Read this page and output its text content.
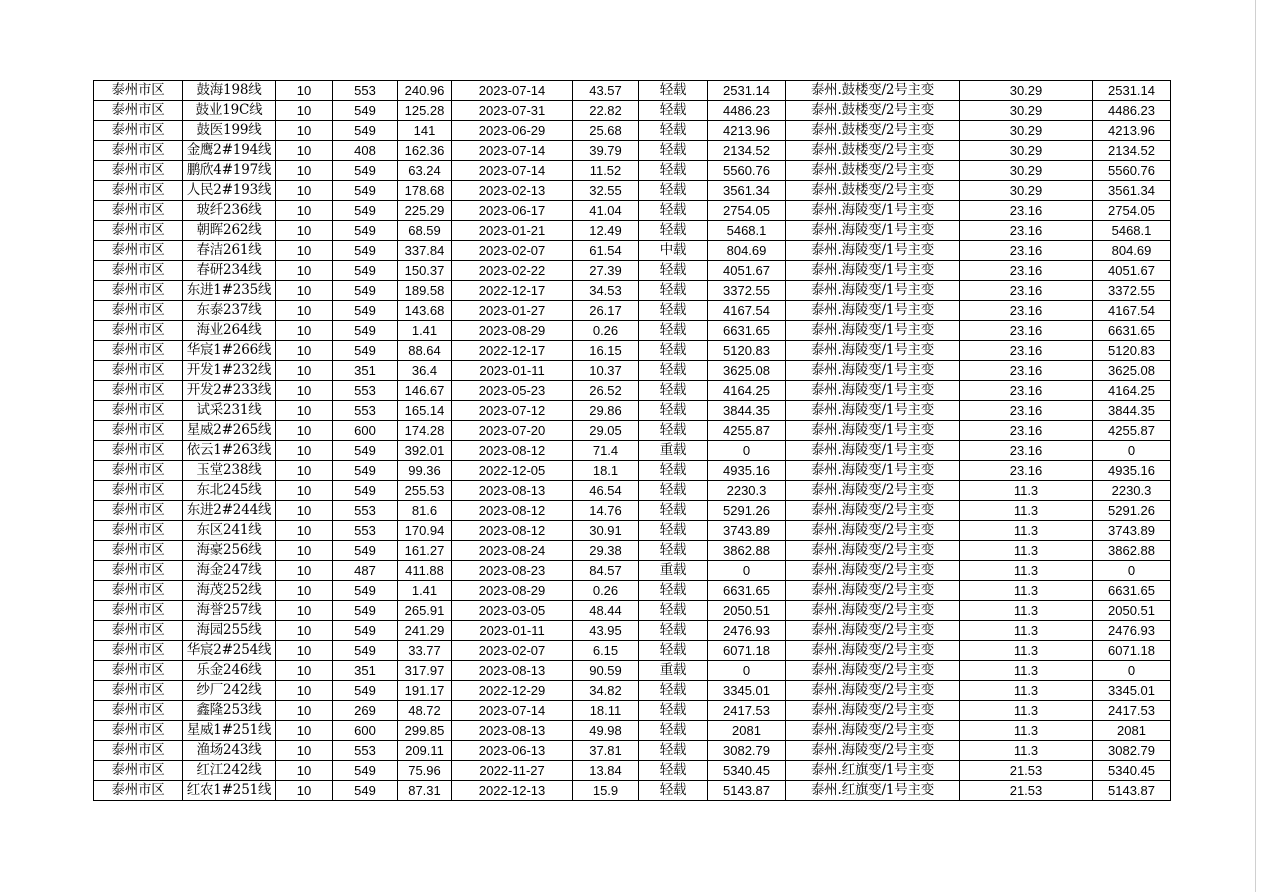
泰州市区	鼓海198线	10	553	240.96	2023-07-14	43.57	轻载	2531.14	泰州.鼓楼变/2号主变	30.29	2531.14
泰州市区	鼓业19C线	10	549	125.28	2023-07-31	22.82	轻载	4486.23	泰州.鼓楼变/2号主变	30.29	4486.23
泰州市区	鼓医199线	10	549	141	2023-06-29	25.68	轻载	4213.96	泰州.鼓楼变/2号主变	30.29	4213.96
泰州市区	金鹰2#194线	10	408	162.36	2023-07-14	39.79	轻载	2134.52	泰州.鼓楼变/2号主变	30.29	2134.52
泰州市区	鹏欣4#197线	10	549	63.24	2023-07-14	11.52	轻载	5560.76	泰州.鼓楼变/2号主变	30.29	5560.76
泰州市区	人民2#193线	10	549	178.68	2023-02-13	32.55	轻载	3561.34	泰州.鼓楼变/2号主变	30.29	3561.34
泰州市区	玻纤236线	10	549	225.29	2023-06-17	41.04	轻载	2754.05	泰州.海陵变/1号主变	23.16	2754.05
泰州市区	朝晖262线	10	549	68.59	2023-01-21	12.49	轻载	5468.1	泰州.海陵变/1号主变	23.16	5468.1
泰州市区	春洁261线	10	549	337.84	2023-02-07	61.54	中载	804.69	泰州.海陵变/1号主变	23.16	804.69
泰州市区	春研234线	10	549	150.37	2023-02-22	27.39	轻载	4051.67	泰州.海陵变/1号主变	23.16	4051.67
泰州市区	东进1#235线	10	549	189.58	2022-12-17	34.53	轻载	3372.55	泰州.海陵变/1号主变	23.16	3372.55
泰州市区	东泰237线	10	549	143.68	2023-01-27	26.17	轻载	4167.54	泰州.海陵变/1号主变	23.16	4167.54
泰州市区	海业264线	10	549	1.41	2023-08-29	0.26	轻载	6631.65	泰州.海陵变/1号主变	23.16	6631.65
泰州市区	华宸1#266线	10	549	88.64	2022-12-17	16.15	轻载	5120.83	泰州.海陵变/1号主变	23.16	5120.83
泰州市区	开发1#232线	10	351	36.4	2023-01-11	10.37	轻载	3625.08	泰州.海陵变/1号主变	23.16	3625.08
泰州市区	开发2#233线	10	553	146.67	2023-05-23	26.52	轻载	4164.25	泰州.海陵变/1号主变	23.16	4164.25
泰州市区	试采231线	10	553	165.14	2023-07-12	29.86	轻载	3844.35	泰州.海陵变/1号主变	23.16	3844.35
泰州市区	星威2#265线	10	600	174.28	2023-07-20	29.05	轻载	4255.87	泰州.海陵变/1号主变	23.16	4255.87
泰州市区	依云1#263线	10	549	392.01	2023-08-12	71.4	重载	0	泰州.海陵变/1号主变	23.16	0
泰州市区	玉堂238线	10	549	99.36	2022-12-05	18.1	轻载	4935.16	泰州.海陵变/1号主变	23.16	4935.16
泰州市区	东北245线	10	549	255.53	2023-08-13	46.54	轻载	2230.3	泰州.海陵变/2号主变	11.3	2230.3
泰州市区	东进2#244线	10	553	81.6	2023-08-12	14.76	轻载	5291.26	泰州.海陵变/2号主变	11.3	5291.26
泰州市区	东区241线	10	553	170.94	2023-08-12	30.91	轻载	3743.89	泰州.海陵变/2号主变	11.3	3743.89
泰州市区	海豪256线	10	549	161.27	2023-08-24	29.38	轻载	3862.88	泰州.海陵变/2号主变	11.3	3862.88
泰州市区	海金247线	10	487	411.88	2023-08-23	84.57	重载	0	泰州.海陵变/2号主变	11.3	0
泰州市区	海茂252线	10	549	1.41	2023-08-29	0.26	轻载	6631.65	泰州.海陵变/2号主变	11.3	6631.65
泰州市区	海誉257线	10	549	265.91	2023-03-05	48.44	轻载	2050.51	泰州.海陵变/2号主变	11.3	2050.51
泰州市区	海园255线	10	549	241.29	2023-01-11	43.95	轻载	2476.93	泰州.海陵变/2号主变	11.3	2476.93
泰州市区	华宸2#254线	10	549	33.77	2023-02-07	6.15	轻载	6071.18	泰州.海陵变/2号主变	11.3	6071.18
泰州市区	乐金246线	10	351	317.97	2023-08-13	90.59	重载	0	泰州.海陵变/2号主变	11.3	0
泰州市区	纱厂242线	10	549	191.17	2022-12-29	34.82	轻载	3345.01	泰州.海陵变/2号主变	11.3	3345.01
泰州市区	鑫隆253线	10	269	48.72	2023-07-14	18.11	轻载	2417.53	泰州.海陵变/2号主变	11.3	2417.53
泰州市区	星威1#251线	10	600	299.85	2023-08-13	49.98	轻载	2081	泰州.海陵变/2号主变	11.3	2081
泰州市区	渔场243线	10	553	209.11	2023-06-13	37.81	轻载	3082.79	泰州.海陵变/2号主变	11.3	3082.79
泰州市区	红江242线	10	549	75.96	2022-11-27	13.84	轻载	5340.45	泰州.红旗变/1号主变	21.53	5340.45
泰州市区	红农1#251线	10	549	87.31	2022-12-13	15.9	轻载	5143.87	泰州.红旗变/1号主变	21.53	5143.87
